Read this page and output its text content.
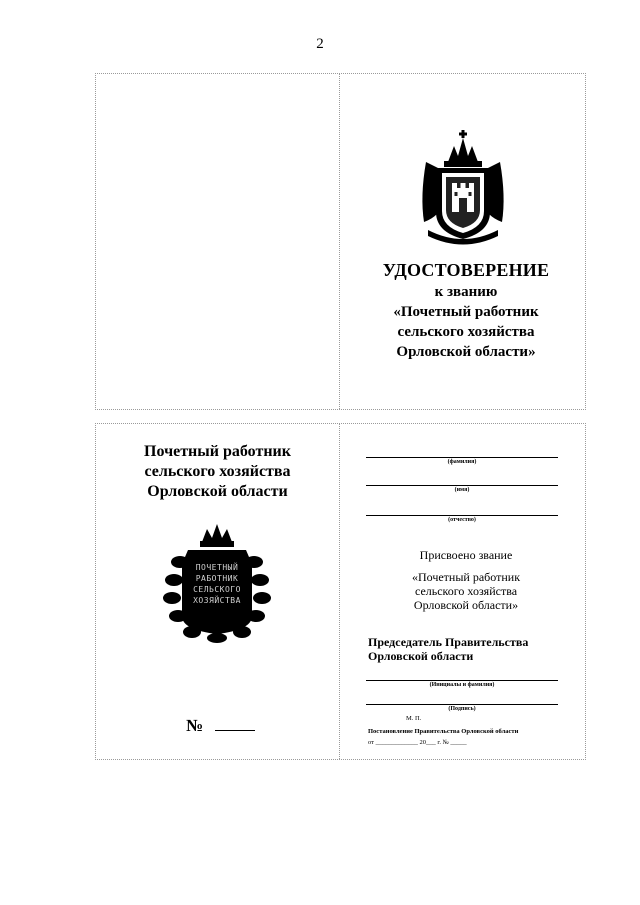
2
УДОСТОВЕРЕНИЕ
к званию
«Почетный работник
сельского хозяйства
Орловской области»
Почетный работник
сельского хозяйства
Орловской области
ПОЧЕТНЫЙ
РАБОТНИК
СЕЛЬСКОГО
ХОЗЯЙСТВА
№
(фамилия)
(имя)
(отчество)
Присвоено звание
«Почетный работник
сельского хозяйства
Орловской области»
Председатель Правительства
Орловской области
(Инициалы и фамилия)
(Подпись)
М. П.
Постановление Правительства Орловской области
от _____________ 20___ г. № _____
